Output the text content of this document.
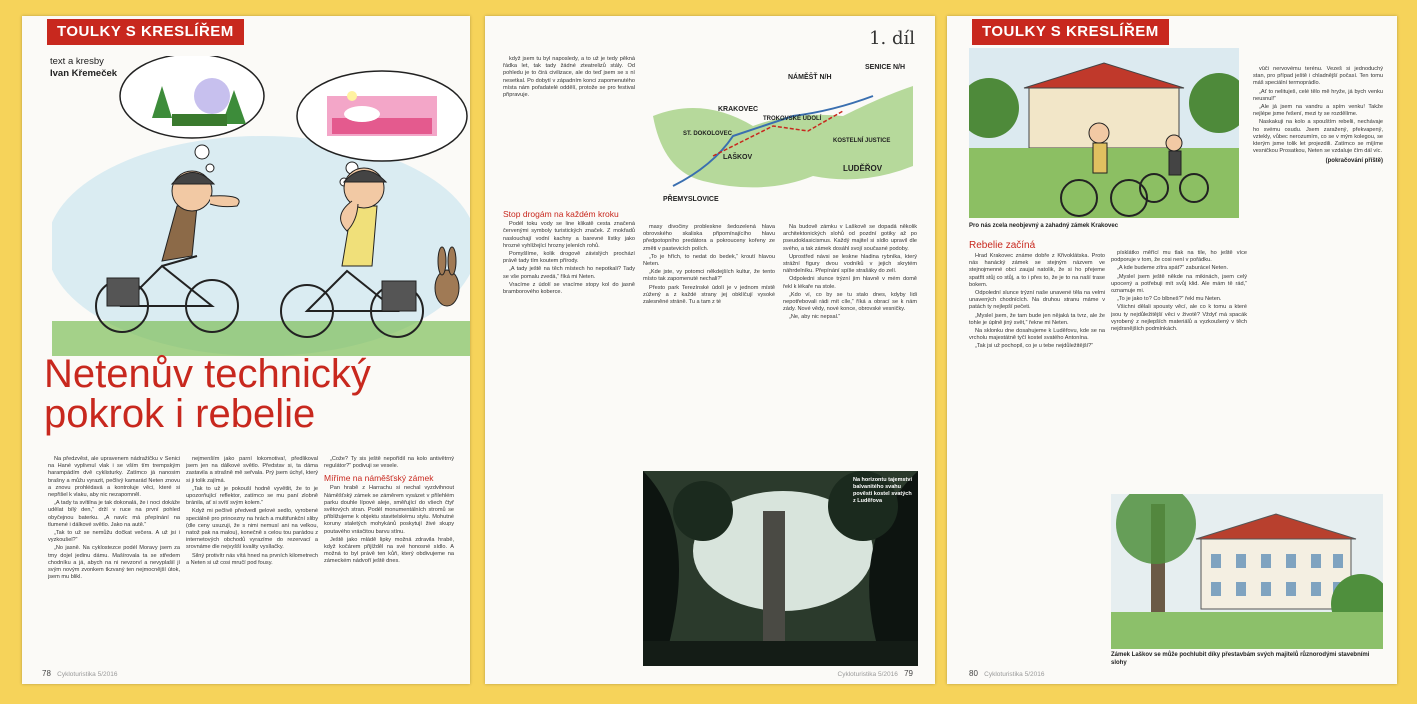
TOULKY S KRESLÍŘEM
text a kresby
Ivan Křemeček
Netenův technický
pokrok i rebelie

Na předzvěst, ale upravenem nádražíčku v Senici na Hané vyplivnul vlak i se vším tím trempským harampádím dvě cyklisturky. Zatímco já nanosim brašny a můžu vyrazit, pečlivý kamarád Neten znovu a znovu prohlédavá a kontroluje věci, které si nepřišel k vlaku, aby nic nezapomněl.

„A tady ta svítilna je tak dokonalá, že i noci dokáže udělat bílý den,“ drží v ruce na první pohled obyčejnou baterku. „A navíc má přepínání na tlumené i dálkové světlo. Jako na autě.“

„Tak to už se nemůžu dočkat večera. A už jsi i vyzkoušel?“

„No jasně. Na cyklostezce podél Moravy jsem za tmy dojel jedinu dámu. Mašírovala ta se středem chodníku a já, abych na ni nevzorvl a nevyplašil jí svým novým zvonkem tkzvaný ten nejmocnější útok, jsem mu blikl.

nejmenším jako parní lokomotiva!, předlikoval jsem jen na dálkové světlo. Představ si, ta dáma zastavila a strašně mě seřvala. Prý jsem úchyl, který si ji tolik zajímá.

„Tak to už je pokouší hodně vyvětlit, že to je upozorňující reflektor, zatímco se mu paní zlobně bránila, ať si svítí svým kolem.“

Když mi pečlivě předvedl gelové sedlo, vyrobené speciálně pro princezny na hrách a multifunkční sliby (dle ceny usuzuji, že s nimi nemusí ani na velkou, natož pak na malou), konečně s celou tou parádou z internetových obchodů vyrazíme do rezervací a srovnáme dle nejvyšší kvality vysílačky.

Silný protivítr nás vítá hned na prvních kilometrech a Neten si už cosi mručí pod fousy.

„Cože? Ty sis ještě nepořídil na kolo antivětrný regulátor?“ podivuji se vesele.

Míříme na náměšťský zámek

Pan hrabě z Harrachu si nechal vyzdvihnout Náměšťský zámek se záměrem vysázet v přilehlém parku douhle lípové aleje, směřující do všech čtyř světových stran. Podél monumentálních stromů se přibližujeme k objektu stavitelskému stylu. Mohutné koruny staletých mohykánů poskytují živé skupy poutavého vrásčitou barvu stínu.

Ještě jako mládě lipky možná zdravila hrabě, když kočárem přijížděl na své honosné sídlo. A možná to byl právě ten kůň, který obdivujeme na zámeckém nádvoří ještě dnes.

78 Cykloturistika 5/2016
1. díl

když jsem tu byl naposledy, a to už je tedy pěkná řádka let, tak tady žádné zteatrelizů stály. Od pohledu je to čirá civilizace, ale do teď jsem se s ní nesetkal. Po dobytí v západním konci zapomenutého místa nám pořadatelé oddělí, protože se pro festival připravuje.

Stop drogám na každém kroku

Podél toku vody se line klikatě cesta značená červenými symboly turistických značek. Z mokřadů naslouchají vodní kachny a barevné lístky jako hrozné vyhlížející hrozny jeleních rohů.

Pomyšlíme, kolik drogově závislých prochází právě tady tím koutem přírody.

„A tady ještě na těch místech ho nepotkali? Tady se vše pomalu zvedá,“ říká mi Neten.

Vracíme z údolí se vracíme stopy kol do jasně bramborového koberce.

NÁMĚŠŤ N/H
SENICE N/H
KRAKOVEC
ST. DOKOLOVEC
LAŠKOV
TROKOVSKÉ ÚDOLÍ
KOSTELNÍ JUSTICE
LUDĚŘOV
PŘEMYSLOVICE

masy divočiny probleskne šedozelená hlava obrovského skaliska připomínajícího hlavu předpotopního predátora a pokrouceny kořeny ze změti v pastevicích polích.

„To je hřích, to nedat do bedek,“ kroutí hlavou Neten.

„Kde jste, vy potomci někdejších kultur, že tento místo tak zapomenuté nechali?“

Přesto park Terezínské údolí je v jednom místě zúžený a z každé strany jej obklíčují vysoké zalesněné stráně. Tu a tam z té

Na budově zámku v Laškově se dopadá několik architektonických slohů od pozdní gotiky až po pseudoklasicismus. Každý majitel si sídlo upravil dle svého, a tak zámek dosáhl svojí současné podoby.

Uprostřed návsi se leskne hladina rybníka, který strážní figury dvou vodníků v jejich skrytém náhrdelníku. Přepínání spíše strašáky do zelí.

Odpoledni slunce trýzní jim hlavně v mém domě řekl k lékaře na stole.

„Kdo ví, co by se tu stalo dnes, kdyby lidi nepotřebovali rádi mít cíle,“ říká a obrací se k nám zády. Nové vědy, nové konce, obrovské vesničky.

„Ne, aby nic nepsal.“

Na horizontu tajemství balvanitého svahu pověsti kostel svatých z Luděřova
Cykloturistika 5/2016 79
TOULKY S KRESLÍŘEM
Pro nás zcela neobjevný a zahadný zámek Krakovec
Rebelie začíná

Hrad Krakovec známe dobře z Křivoklátska. Proto nás hanácký zámek se stejným názvem ve stejnojmenné obci zaujal natolik, že si ho přejeme spatřit stůj co stůj, a to i přes to, že je to na naší trase bokem.

Odpolední slunce trýzní naše unavené těla na velmi unavených chodnících. Na druhou stranu máme v patách ty nejlepší pečeti.

„Myslel jsem, že tam bude jen nějaká ta tvrz, ale že tohle je úplně jiný svět,“ řekne mi Neten.

Na sklonku dne dosahujeme k Luděřovu, kde se na vrcholu majestátně tyčí kostel svatého Antonína.

„Tak jsi už pochopil, co je u tebe nejdůležitější?“

písklátko měřící mu tlak na tile, ho ještě více podporuje v tom, že cosi není v pořádku.

„A kde budeme zítra spát?“ zaburácel Neten.

„Myslel jsem ještě někde na mikinách, jsem celý upocený a potřebuji mít svůj klid. Ale mám tě rád,“ oznamuje mi.

„To je jako to? Co blbneš?“ řekl mu Neten.

Všichni dělali spousty věcí, ale co k tomu a které jsou ty nejdůležitější věci v životě? Vždyť má spacák vyrobený z nejlepších materiálů a vyzkoušený v těch nejdrsnějších podmínkách.

vůči nervovému terénu. Vezeš si jednoduchý stan, pro případ ještě i chladnější počasí. Ten tomu máš speciální termoprádlo.

„Ať to nelituješ, celé tělo mě hryže, já bych venku neusnul!“

„Ale já jsem na vandru a spím venku! Takže nejlépe jsme řešení, mezi ty se rozdělíme.

Naskakuji na kolo a spouštím rebelii, nechávaje ho svému osudu. Jsem zaražený, překvapený, vztekly, vůbec nerozumím, co se v mým kolegou, se kterým jsme tolik let projezdili. Zatímco se míjíme vesničkou Prosatkou, Neten se vzdaluje čím dál víc.

(pokračování příště)
Zámek Laškov se může pochlubit díky přestavbám svých majitelů různorodými stavebními slohy
80 Cykloturistika 5/2016
